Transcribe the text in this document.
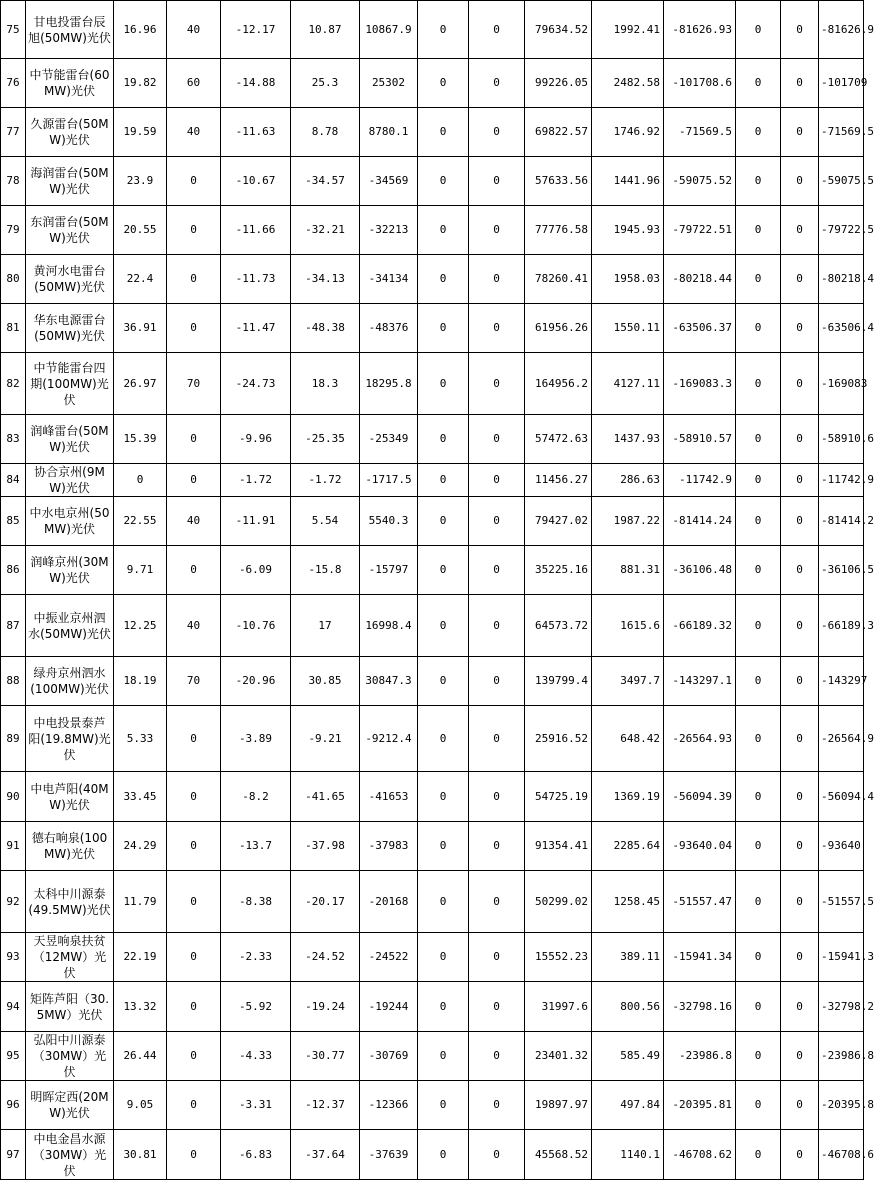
75	甘电投雷台辰旭(50MW)光伏	16.96	40	-12.17	10.87	10867.9	0	0	79634.52	1992.41	-81626.93	0	0	-81626.9
76	中节能雷台(60MW)光伏	19.82	60	-14.88	25.3	25302	0	0	99226.05	2482.58	-101708.6	0	0	-101709
77	久源雷台(50MW)光伏	19.59	40	-11.63	8.78	8780.1	0	0	69822.57	1746.92	-71569.5	0	0	-71569.5
78	海润雷台(50MW)光伏	23.9	0	-10.67	-34.57	-34569	0	0	57633.56	1441.96	-59075.52	0	0	-59075.5
79	东润雷台(50MW)光伏	20.55	0	-11.66	-32.21	-32213	0	0	77776.58	1945.93	-79722.51	0	0	-79722.5
80	黄河水电雷台(50MW)光伏	22.4	0	-11.73	-34.13	-34134	0	0	78260.41	1958.03	-80218.44	0	0	-80218.4
81	华东电源雷台(50MW)光伏	36.91	0	-11.47	-48.38	-48376	0	0	61956.26	1550.11	-63506.37	0	0	-63506.4
82	中节能雷台四期(100MW)光伏	26.97	70	-24.73	18.3	18295.8	0	0	164956.2	4127.11	-169083.3	0	0	-169083
83	润峰雷台(50MW)光伏	15.39	0	-9.96	-25.35	-25349	0	0	57472.63	1437.93	-58910.57	0	0	-58910.6
84	协合京州(9MW)光伏	0	0	-1.72	-1.72	-1717.5	0	0	11456.27	286.63	-11742.9	0	0	-11742.9
85	中水电京州(50MW)光伏	22.55	40	-11.91	5.54	5540.3	0	0	79427.02	1987.22	-81414.24	0	0	-81414.2
86	润峰京州(30MW)光伏	9.71	0	-6.09	-15.8	-15797	0	0	35225.16	881.31	-36106.48	0	0	-36106.5
87	中振业京州泗水(50MW)光伏	12.25	40	-10.76	17	16998.4	0	0	64573.72	1615.6	-66189.32	0	0	-66189.3
88	绿舟京州泗水(100MW)光伏	18.19	70	-20.96	30.85	30847.3	0	0	139799.4	3497.7	-143297.1	0	0	-143297
89	中电投景泰芦阳(19.8MW)光伏	5.33	0	-3.89	-9.21	-9212.4	0	0	25916.52	648.42	-26564.93	0	0	-26564.9
90	中电芦阳(40MW)光伏	33.45	0	-8.2	-41.65	-41653	0	0	54725.19	1369.19	-56094.39	0	0	-56094.4
91	德右响泉(100MW)光伏	24.29	0	-13.7	-37.98	-37983	0	0	91354.41	2285.64	-93640.04	0	0	-93640
92	太科中川源泰(49.5MW)光伏	11.79	0	-8.38	-20.17	-20168	0	0	50299.02	1258.45	-51557.47	0	0	-51557.5
93	天昱响泉扶贫（12MW）光伏	22.19	0	-2.33	-24.52	-24522	0	0	15552.23	389.11	-15941.34	0	0	-15941.3
94	矩阵芦阳（30.5MW）光伏	13.32	0	-5.92	-19.24	-19244	0	0	31997.6	800.56	-32798.16	0	0	-32798.2
95	弘阳中川源泰（30MW）光伏	26.44	0	-4.33	-30.77	-30769	0	0	23401.32	585.49	-23986.8	0	0	-23986.8
96	明晖定西(20MW)光伏	9.05	0	-3.31	-12.37	-12366	0	0	19897.97	497.84	-20395.81	0	0	-20395.8
97	中电金昌水源（30MW）光伏	30.81	0	-6.83	-37.64	-37639	0	0	45568.52	1140.1	-46708.62	0	0	-46708.6
